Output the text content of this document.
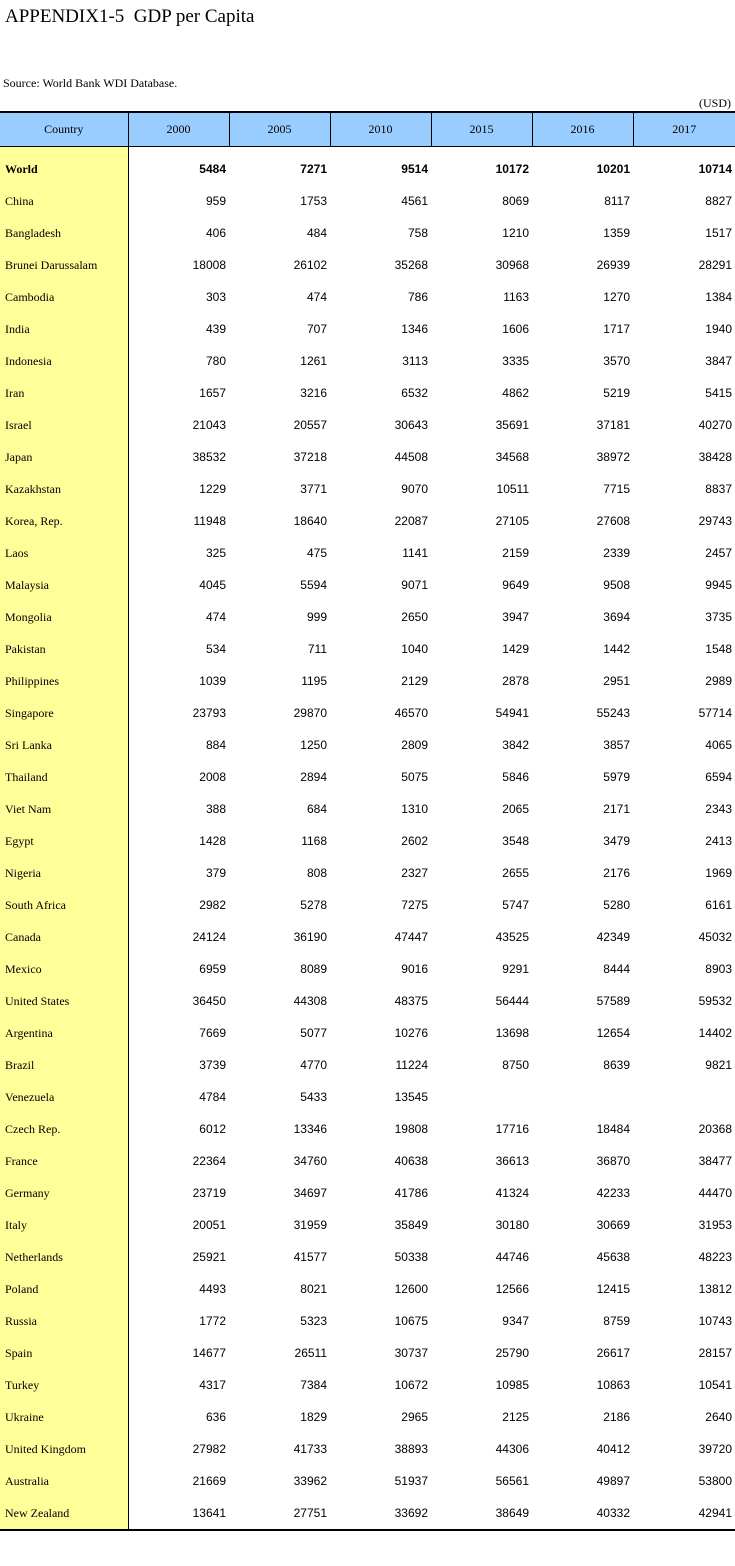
APPENDIX1-5  GDP per Capita
Source: World Bank WDI Database.
(USD)
Country	2000	2005	2010	2015	2016	2017
World	5484	7271	9514	10172	10201	10714
China	959	1753	4561	8069	8117	8827
Bangladesh	406	484	758	1210	1359	1517
Brunei Darussalam	18008	26102	35268	30968	26939	28291
Cambodia	303	474	786	1163	1270	1384
India	439	707	1346	1606	1717	1940
Indonesia	780	1261	3113	3335	3570	3847
Iran	1657	3216	6532	4862	5219	5415
Israel	21043	20557	30643	35691	37181	40270
Japan	38532	37218	44508	34568	38972	38428
Kazakhstan	1229	3771	9070	10511	7715	8837
Korea, Rep.	11948	18640	22087	27105	27608	29743
Laos	325	475	1141	2159	2339	2457
Malaysia	4045	5594	9071	9649	9508	9945
Mongolia	474	999	2650	3947	3694	3735
Pakistan	534	711	1040	1429	1442	1548
Philippines	1039	1195	2129	2878	2951	2989
Singapore	23793	29870	46570	54941	55243	57714
Sri Lanka	884	1250	2809	3842	3857	4065
Thailand	2008	2894	5075	5846	5979	6594
Viet Nam	388	684	1310	2065	2171	2343
Egypt	1428	1168	2602	3548	3479	2413
Nigeria	379	808	2327	2655	2176	1969
South Africa	2982	5278	7275	5747	5280	6161
Canada	24124	36190	47447	43525	42349	45032
Mexico	6959	8089	9016	9291	8444	8903
United States	36450	44308	48375	56444	57589	59532
Argentina	7669	5077	10276	13698	12654	14402
Brazil	3739	4770	11224	8750	8639	9821
Venezuela	4784	5433	13545			
Czech Rep.	6012	13346	19808	17716	18484	20368
France	22364	34760	40638	36613	36870	38477
Germany	23719	34697	41786	41324	42233	44470
Italy	20051	31959	35849	30180	30669	31953
Netherlands	25921	41577	50338	44746	45638	48223
Poland	4493	8021	12600	12566	12415	13812
Russia	1772	5323	10675	9347	8759	10743
Spain	14677	26511	30737	25790	26617	28157
Turkey	4317	7384	10672	10985	10863	10541
Ukraine	636	1829	2965	2125	2186	2640
United Kingdom	27982	41733	38893	44306	40412	39720
Australia	21669	33962	51937	56561	49897	53800
New Zealand	13641	27751	33692	38649	40332	42941
